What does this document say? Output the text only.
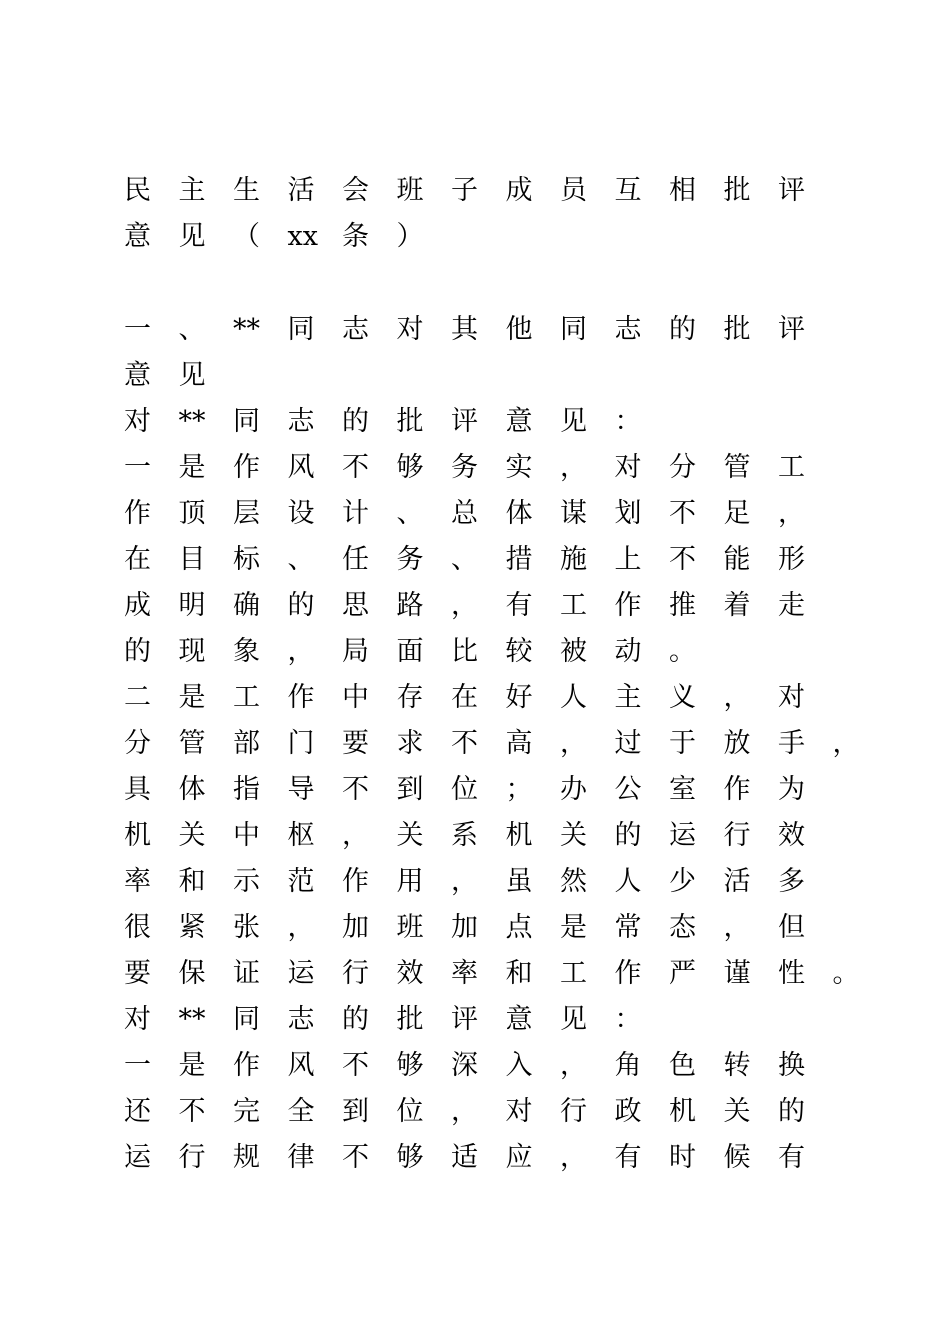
民	主	生	活	会	班	子	成	员	互	相	批	评
意	见	（	xx 条	）
一	、	**	同	志	对	其	他	同	志	的	批	评
意	见
对	**	同	志	的	批	评	意	见	：
一	是	作	风	不	够	务	实	，	对	分	管	工
作	顶	层	设	计	、	总	体	谋	划	不	足	，
在	目	标	、	任	务	、	措	施	上	不	能	形
成	明	确	的	思	路	，	有	工	作	推	着	走
的	现	象	，	局	面	比	较	被	动	。
二	是	工	作	中	存	在	好	人	主	义	，	对
分	管	部	门	要	求	不	高	，	过	于	放	手	，
具	体	指	导	不	到	位	；	办	公	室	作	为
机	关	中	枢	，	关	系	机	关	的	运	行	效
率	和	示	范	作	用	，	虽	然	人	少	活	多
很	紧	张	，	加	班	加	点	是	常	态	，	但
要	保	证	运	行	效	率	和	工	作	严	谨	性	。
对	**	同	志	的	批	评	意	见	：
一	是	作	风	不	够	深	入	，	角	色	转	换
还	不	完	全	到	位	，	对	行	政	机	关	的
运	行	规	律	不	够	适	应	，	有	时	候	有
